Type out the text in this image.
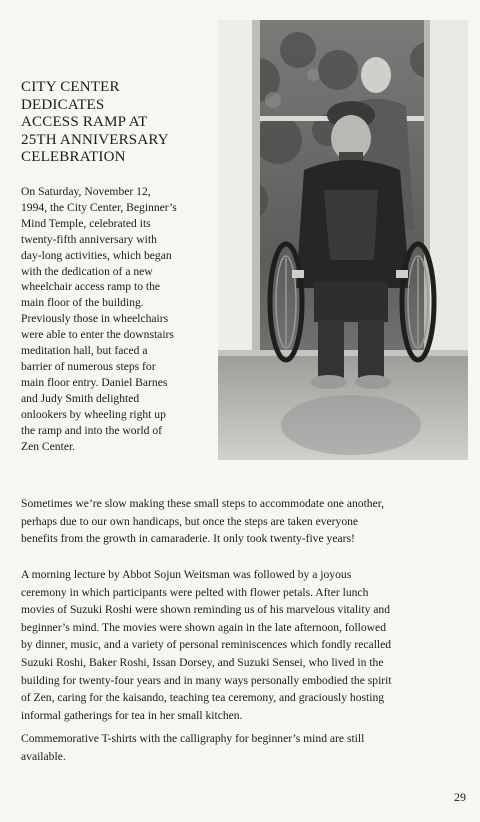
CITY CENTER
DEDICATES
ACCESS RAMP AT
25TH ANNIVERSARY
CELEBRATION

On Saturday, November 12,
1994, the City Center, Beginner’s
Mind Temple, celebrated its
twenty-fifth anniversary with
day-long activities, which began
with the dedication of a new
wheelchair access ramp to the
main floor of the building.
Previously those in wheelchairs
were able to enter the downstairs
meditation hall, but faced a
barrier of numerous steps for
main floor entry. Daniel Barnes
and Judy Smith delighted
onlookers by wheeling right up
the ramp and into the world of
Zen Center.

Sometimes we’re slow making these small steps to accommodate one another,
perhaps due to our own handicaps, but once the steps are taken everyone
benefits from the growth in camaraderie. It only took twenty-five years!

A morning lecture by Abbot Sojun Weitsman was followed by a joyous
ceremony in which participants were pelted with flower petals. After lunch
movies of Suzuki Roshi were shown reminding us of his marvelous vitality and
beginner’s mind. The movies were shown again in the late afternoon, followed
by dinner, music, and a variety of personal reminiscences which fondly recalled
Suzuki Roshi, Baker Roshi, Issan Dorsey, and Suzuki Sensei, who lived in the
building for twenty-four years and in many ways personally embodied the spirit
of Zen, caring for the kaisando, teaching tea ceremony, and graciously hosting
informal gatherings for tea in her small kitchen.

Commemorative T-shirts with the calligraphy for beginner’s mind are still
available.

29
